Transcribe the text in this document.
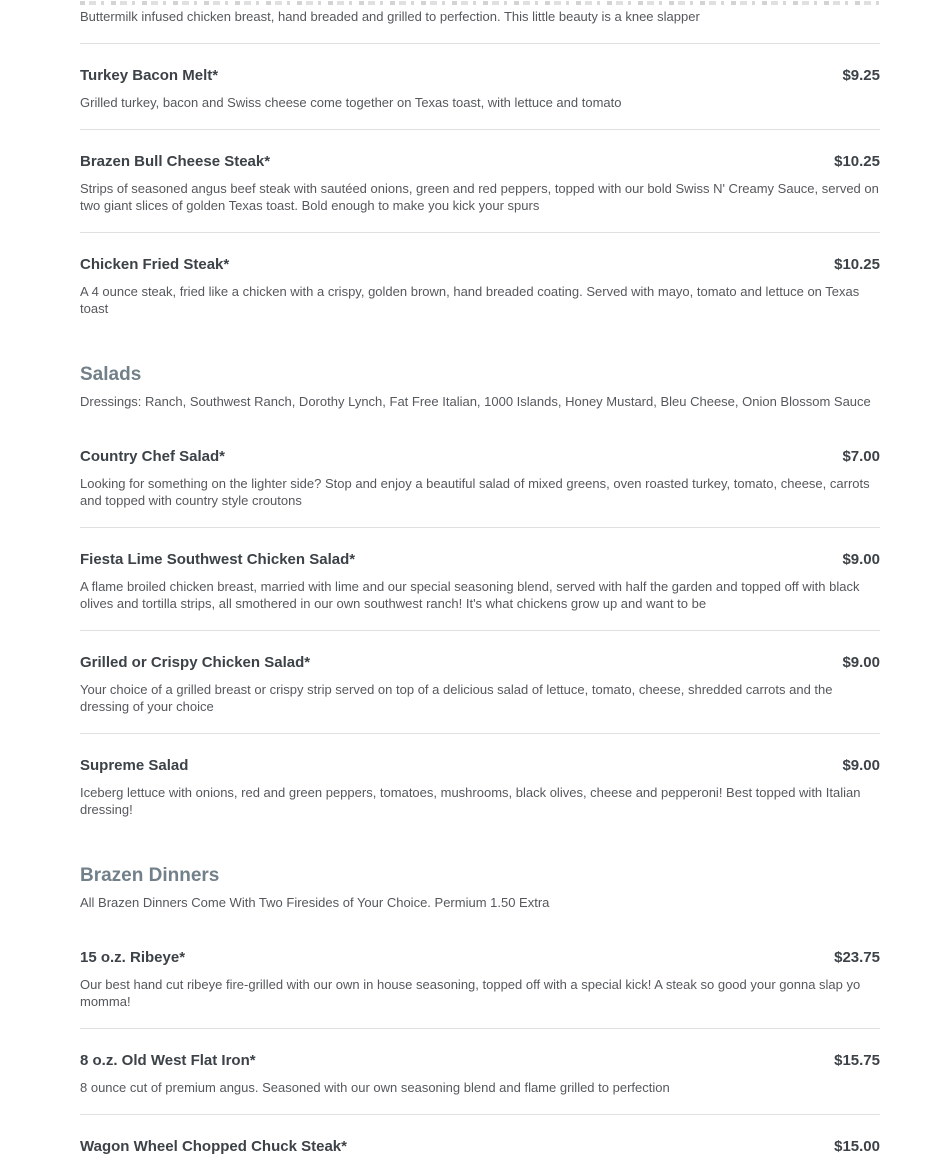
Buttermilk infused chicken breast, hand breaded and grilled to perfection. This little beauty is a knee slapper

Turkey Bacon Melt*	$9.25

Grilled turkey, bacon and Swiss cheese come together on Texas toast, with lettuce and tomato

Brazen Bull Cheese Steak*	$10.25

Strips of seasoned angus beef steak with sautéed onions, green and red peppers, topped with our bold Swiss N' Creamy Sauce, served on two giant slices of golden Texas toast. Bold enough to make you kick your spurs

Chicken Fried Steak*	$10.25

A 4 ounce steak, fried like a chicken with a crispy, golden brown, hand breaded coating. Served with mayo, tomato and lettuce on Texas toast

Salads

Dressings: Ranch, Southwest Ranch, Dorothy Lynch, Fat Free Italian, 1000 Islands, Honey Mustard, Bleu Cheese, Onion Blossom Sauce

Country Chef Salad*	$7.00

Looking for something on the lighter side? Stop and enjoy a beautiful salad of mixed greens, oven roasted turkey, tomato, cheese, carrots and topped with country style croutons

Fiesta Lime Southwest Chicken Salad*	$9.00

A flame broiled chicken breast, married with lime and our special seasoning blend, served with half the garden and topped off with black olives and tortilla strips, all smothered in our own southwest ranch! It's what chickens grow up and want to be

Grilled or Crispy Chicken Salad*	$9.00

Your choice of a grilled breast or crispy strip served on top of a delicious salad of lettuce, tomato, cheese, shredded carrots and the dressing of your choice

Supreme Salad	$9.00

Iceberg lettuce with onions, red and green peppers, tomatoes, mushrooms, black olives, cheese and pepperoni! Best topped with Italian dressing!

Brazen Dinners

All Brazen Dinners Come With Two Firesides of Your Choice. Permium 1.50 Extra

15 o.z. Ribeye*	$23.75

Our best hand cut ribeye fire-grilled with our own in house seasoning, topped off with a special kick! A steak so good your gonna slap yo momma!

8 o.z. Old West Flat Iron*	$15.75

8 ounce cut of premium angus. Seasoned with our own seasoning blend and flame grilled to perfection

Wagon Wheel Chopped Chuck Steak*	$15.00
